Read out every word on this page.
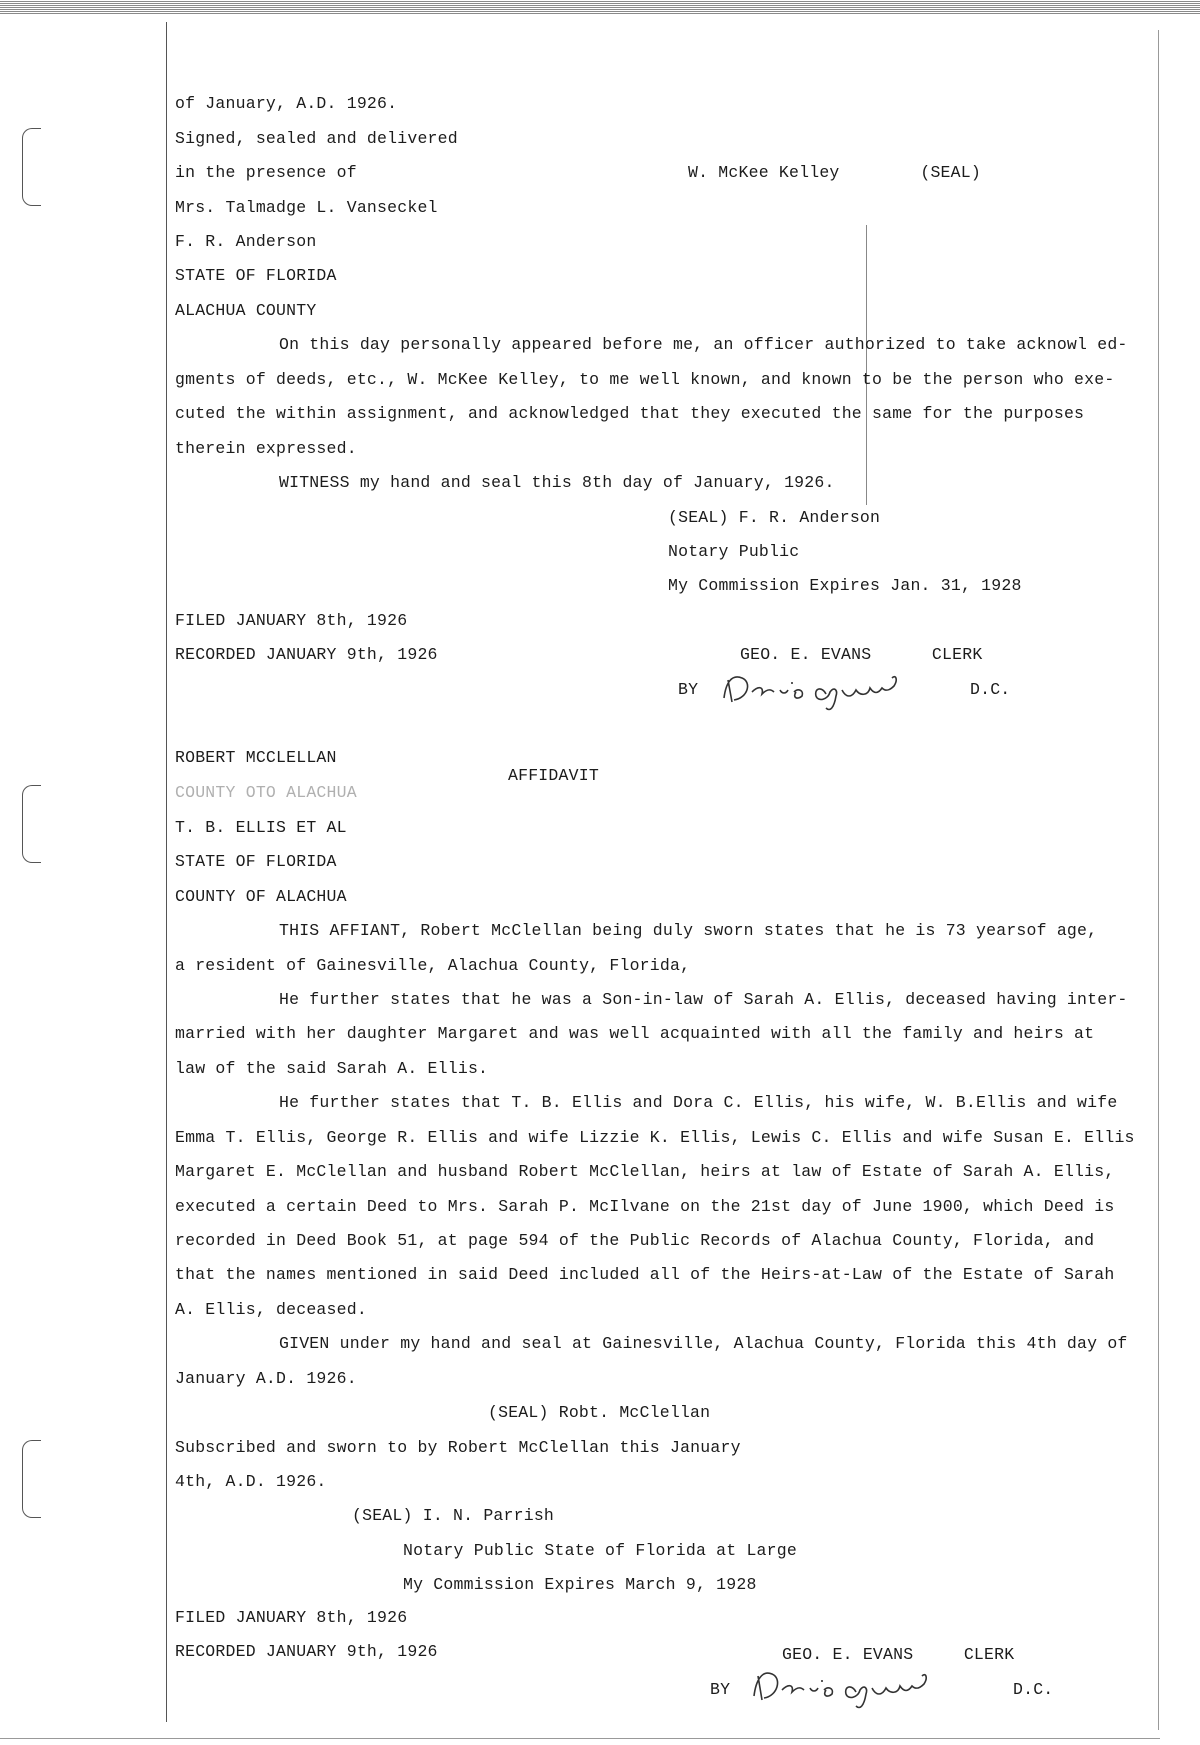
of January, A.D. 1926.
Signed, sealed and delivered
in the presence of	W. McKee Kelley        (SEAL)
Mrs. Talmadge L. Vanseckel
F. R. Anderson
STATE OF FLORIDA
ALACHUA COUNTY
On this day personally appeared before me, an officer authorized to take acknowl ed-
gments of deeds, etc., W. McKee Kelley, to me well known, and known to be the person who exe-
cuted the within assignment, and acknowledged that they executed the same for the purposes
therein expressed.
WITNESS my hand and seal this 8th day of January, 1926.
(SEAL) F. R. Anderson
Notary Public
My Commission Expires Jan. 31, 1928
FILED JANUARY 8th, 1926
RECORDED JANUARY 9th, 1926	GEO. E. EVANS      CLERK
BY	D.C.
ROBERT MCCLELLAN
AFFIDAVIT
COUNTY OTO ALACHUA
T. B. ELLIS ET AL
STATE OF FLORIDA
COUNTY OF ALACHUA
THIS AFFIANT, Robert McClellan being duly sworn states that he is 73 yearsof age,
a resident of Gainesville, Alachua County, Florida,
He further states that he was a Son-in-law of Sarah A. Ellis, deceased having inter-
married with her daughter Margaret and was well acquainted with all the family and heirs at
law of the said Sarah A. Ellis.
He further states that T. B. Ellis and Dora C. Ellis, his wife, W. B.Ellis and wife
Emma T. Ellis, George R. Ellis and wife Lizzie K. Ellis, Lewis C. Ellis and wife Susan E. Ellis
Margaret E. McClellan and husband Robert McClellan, heirs at law of Estate of Sarah A. Ellis,
executed a certain Deed to Mrs. Sarah P. McIlvane on the 21st day of June 1900, which Deed is
recorded in Deed Book 51, at page 594 of the Public Records of Alachua County, Florida, and
that the names mentioned in said Deed included all of the Heirs-at-Law of the Estate of Sarah
A. Ellis, deceased.
GIVEN under my hand and seal at Gainesville, Alachua County, Florida this 4th day of
January A.D. 1926.
(SEAL) Robt. McClellan
Subscribed and sworn to by Robert McClellan this January
4th, A.D. 1926.
(SEAL) I. N. Parrish
Notary Public State of Florida at Large
My Commission Expires March 9, 1928
FILED JANUARY 8th, 1926
RECORDED JANUARY 9th, 1926	GEO. E. EVANS     CLERK
BY	D.C.
